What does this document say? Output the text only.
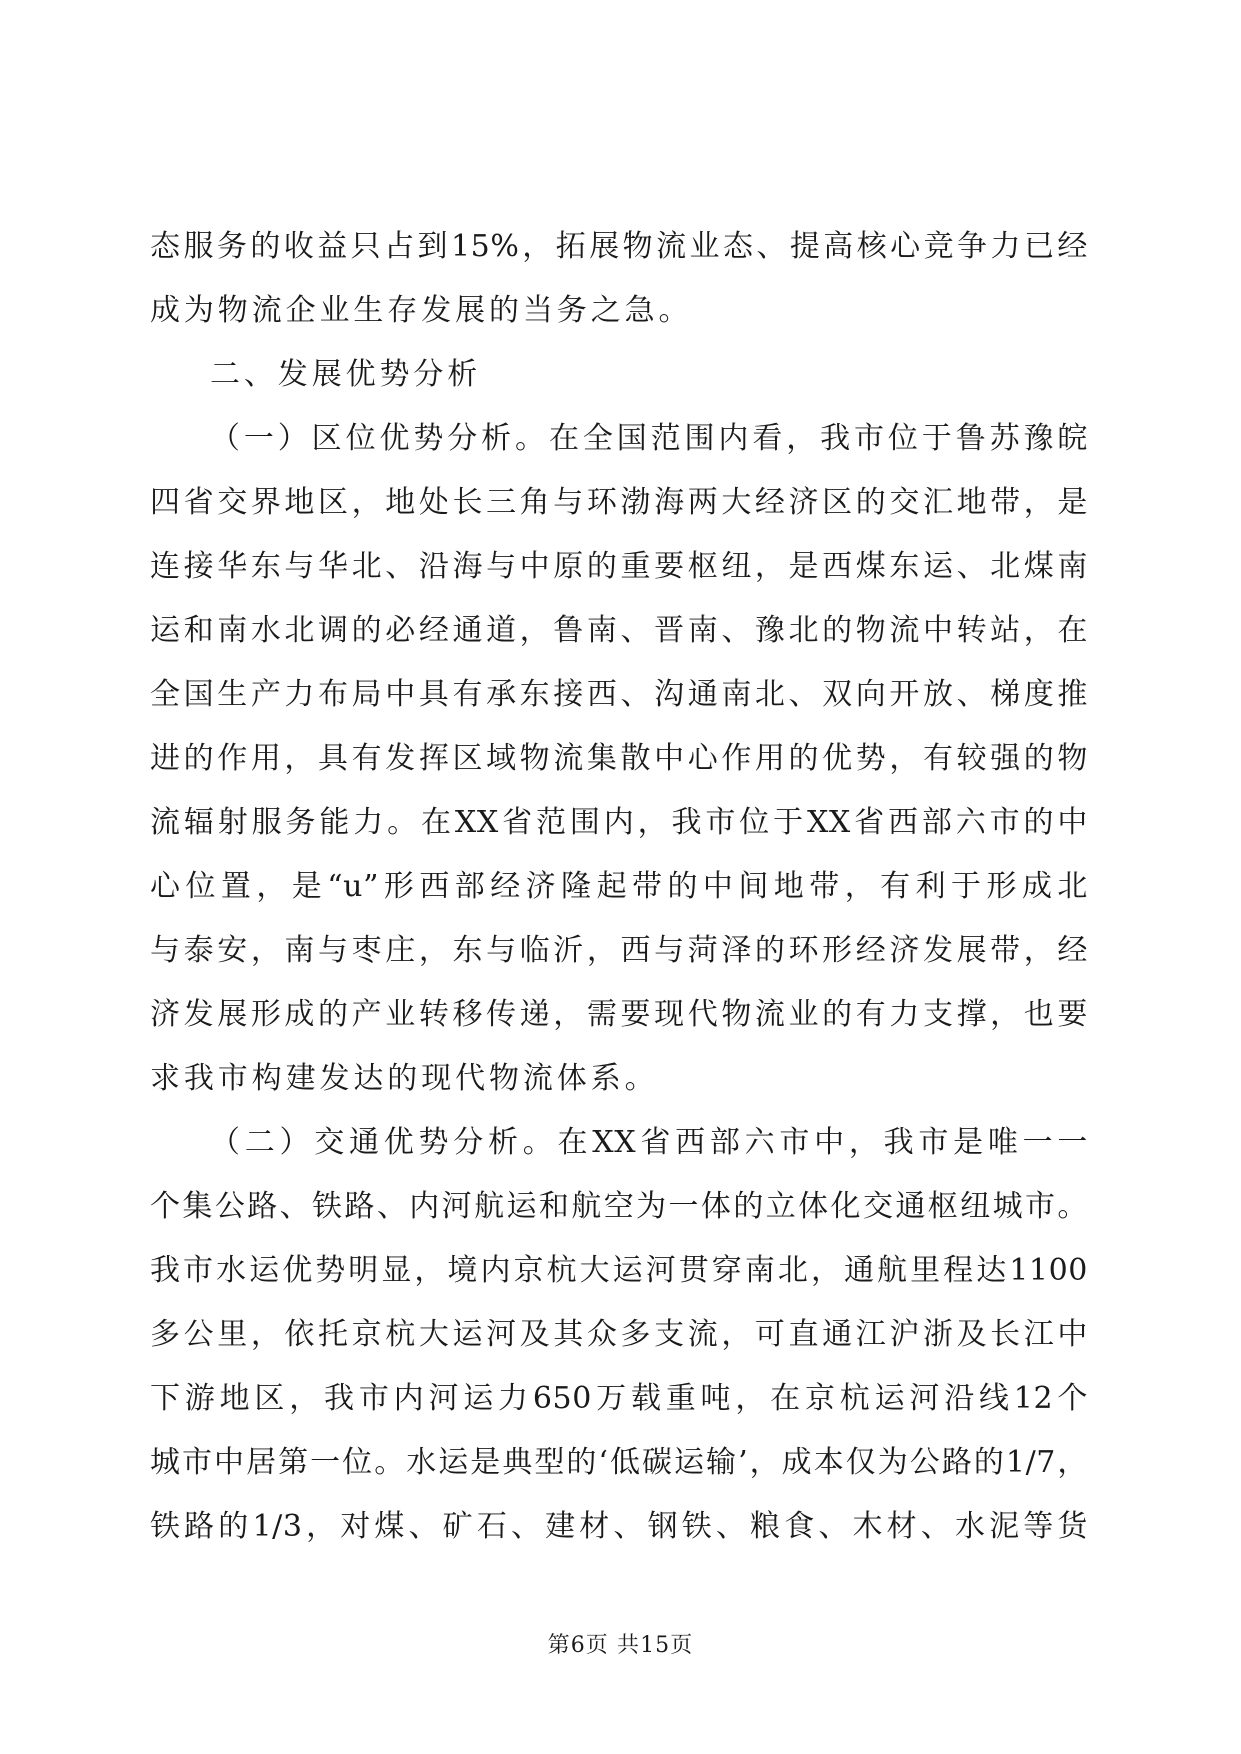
态服务的收益只占到15%，拓展物流业态、提高核心竞争力已经
成为物流企业生存发展的当务之急。
二、发展优势分析
（一）区位优势分析。在全国范围内看，我市位于鲁苏豫皖
四省交界地区，地处长三角与环渤海两大经济区的交汇地带，是
连接华东与华北、沿海与中原的重要枢纽，是西煤东运、北煤南
运和南水北调的必经通道，鲁南、晋南、豫北的物流中转站，在
全国生产力布局中具有承东接西、沟通南北、双向开放、梯度推
进的作用，具有发挥区域物流集散中心作用的优势，有较强的物
流辐射服务能力。在XX省范围内，我市位于XX省西部六市的中
心位置，是“u”形西部经济隆起带的中间地带，有利于形成北
与泰安，南与枣庄，东与临沂，西与菏泽的环形经济发展带，经
济发展形成的产业转移传递，需要现代物流业的有力支撑，也要
求我市构建发达的现代物流体系。
（二）交通优势分析。在XX省西部六市中，我市是唯一一
个集公路、铁路、内河航运和航空为一体的立体化交通枢纽城市。
我市水运优势明显，境内京杭大运河贯穿南北，通航里程达1100
多公里，依托京杭大运河及其众多支流，可直通江沪浙及长江中
下游地区，我市内河运力650万载重吨，在京杭运河沿线12个
城市中居第一位。水运是典型的‘低碳运输’，成本仅为公路的1/7，
铁路的1/3，对煤、矿石、建材、钢铁、粮食、木材、水泥等货
第6页 共15页
